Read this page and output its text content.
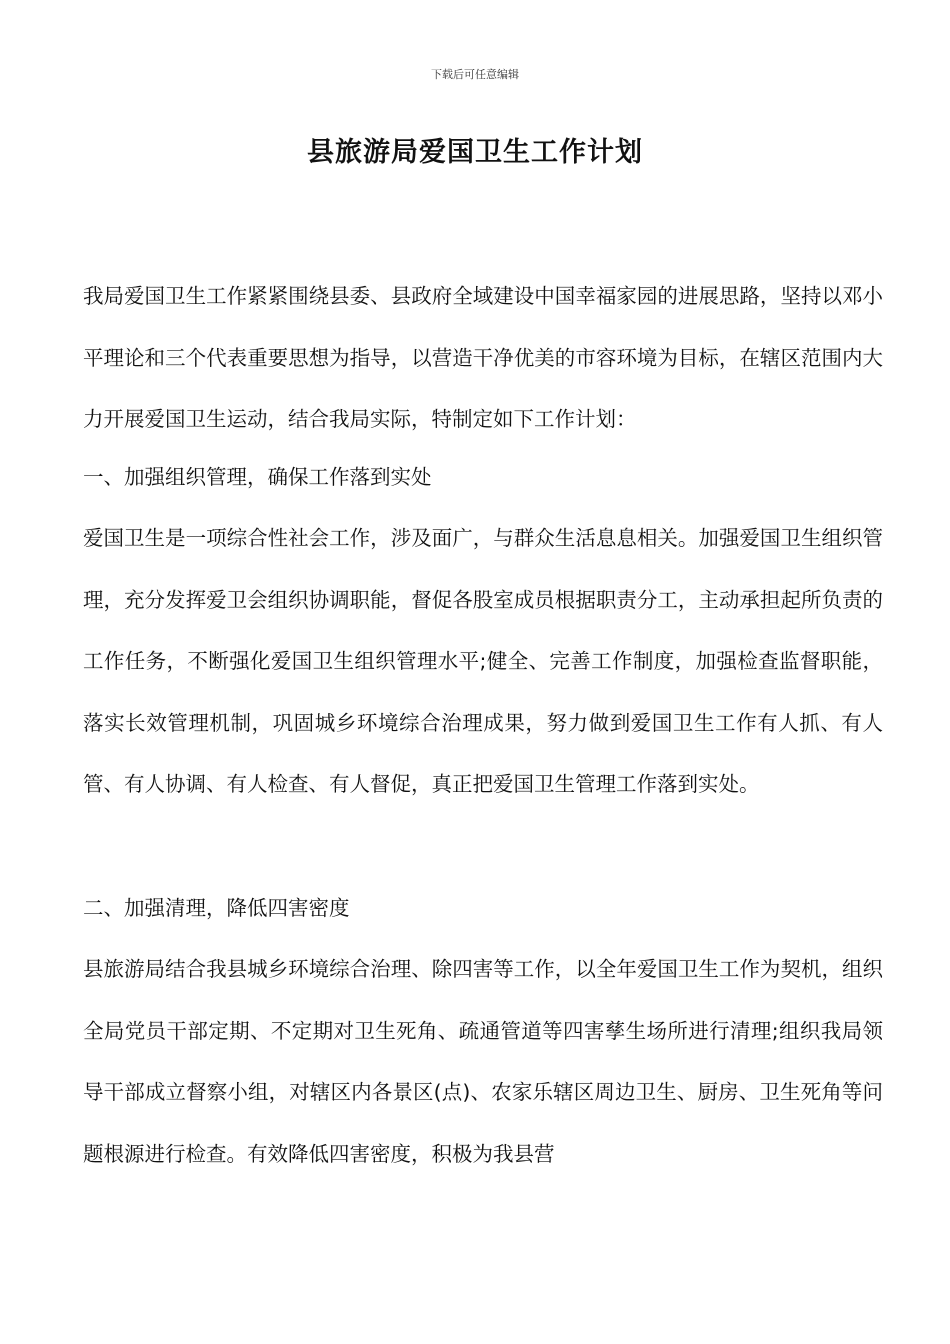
下载后可任意编辑
县旅游局爱国卫生工作计划

我局爱国卫生工作紧紧围绕县委、县政府全域建设中国幸福家园的进展思路，坚持以邓小平理论和三个代表重要思想为指导，以营造干净优美的市容环境为目标，在辖区范围内大力开展爱国卫生运动，结合我局实际，特制定如下工作计划：

一、加强组织管理，确保工作落到实处

爱国卫生是一项综合性社会工作，涉及面广，与群众生活息息相关。加强爱国卫生组织管理，充分发挥爱卫会组织协调职能，督促各股室成员根据职责分工，主动承担起所负责的工作任务，不断强化爱国卫生组织管理水平;健全、完善工作制度，加强检查监督职能，落实长效管理机制，巩固城乡环境综合治理成果，努力做到爱国卫生工作有人抓、有人管、有人协调、有人检查、有人督促，真正把爱国卫生管理工作落到实处。

二、加强清理，降低四害密度

县旅游局结合我县城乡环境综合治理、除四害等工作，以全年爱国卫生工作为契机，组织全局党员干部定期、不定期对卫生死角、疏通管道等四害孳生场所进行清理;组织我局领导干部成立督察小组，对辖区内各景区(点)、农家乐辖区周边卫生、厨房、卫生死角等问题根源进行检查。有效降低四害密度，积极为我县营
